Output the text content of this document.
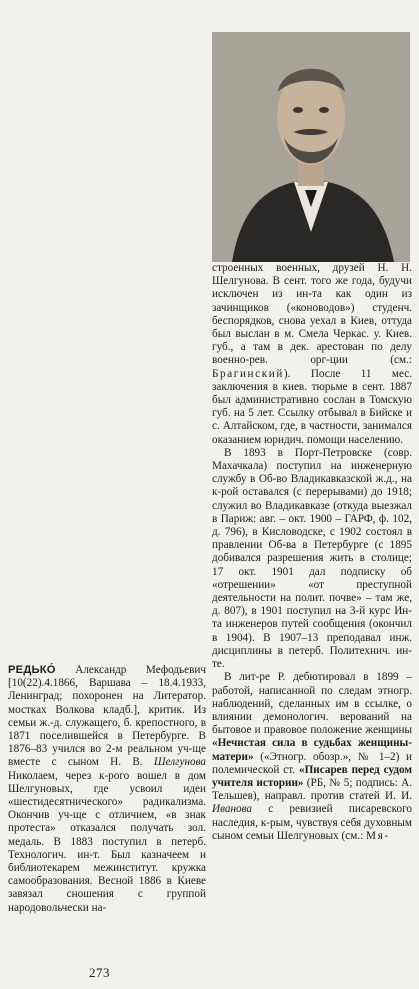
строенных военных, друзей Н. Н. Шелгунова. В сент. того же года, будучи исключен из ин-та как один из зачинщиков («коноводов») студенч. беспорядков, снова уехал в Киев, оттуда был выслан в м. Смела Черкас. у. Киев. губ., а там в дек. арестован по делу военно-рев. орг-ции (см.: Брагинский). После 11 мес. заключения в киев. тюрьме в сент. 1887 был административно сослан в Томскую губ. на 5 лет. Ссылку отбывал в Бийске и с. Алтайском, где, в частности, занимался оказанием юридич. помощи населению.

В 1893 в Порт-Петровске (совр. Махачкала) поступил на инженерную службу в Об-во Владикавказской ж.д., на к-рой оставался (с перерывами) до 1918; служил во Владикавказе (откуда выезжал в Париж: авг. – окт. 1900 – ГАРФ, ф. 102, д. 796), в Кисловодске, с 1902 состоял в правлении Об-ва в Петербурге (с 1895 добивался разрешения жить в столице; 17 окт. 1901 дал подписку об «отрешении» «от преступной деятельности на полит. почве» – там же, д. 807), в 1901 поступил на 3-й курс Ин-та инженеров путей сообщения (окончил в 1904). В 1907–13 преподавал инж. дисциплины в петерб. Политехнич. ин-те.

В лит-ре Р. дебютировал в 1899 – работой, написанной по следам этногр. наблюдений, сделанных им в ссылке, о влиянии демонологич. верований на бытовое и правовое положение женщины «Нечистая сила в судьбах женщины-матери» («Этногр. обозр.», № 1–2) и полемической ст. «Писарев перед судом учителя истории» (РБ, № 5; подпись: А. Тельшев), направл. против статей И. И. Иванова с ревизией писаревского наследия, к-рым, чувствуя себя духовным сыном семьи Шелгуновых (см.: Мя-

РЕДЬКО́ Александр Мефодьевич [10(22).4.1866, Варшава – 18.4.1933, Ленинград; похоронен на Литератор. мостках Волкова кладб.], критик. Из семьи ж.-д. служащего, б. крепостного, в 1871 поселившейся в Петербурге. В 1876–83 учился во 2-м реальном уч-ще вместе с сыном Н. В. Шелгунова Николаем, через к-рого вошел в дом Шелгуновых, где усвоил идеи «шестидесятнического» радикализма. Окончив уч-ще с отличием, «в знак протеста» отказался получать зол. медаль. В 1883 поступил в петерб. Технологич. ин-т. Был казначеем и библиотекарем межинститут. кружка самообразования. Весной 1886 в Киеве завязал сношения с группой народовольчески на-

273
